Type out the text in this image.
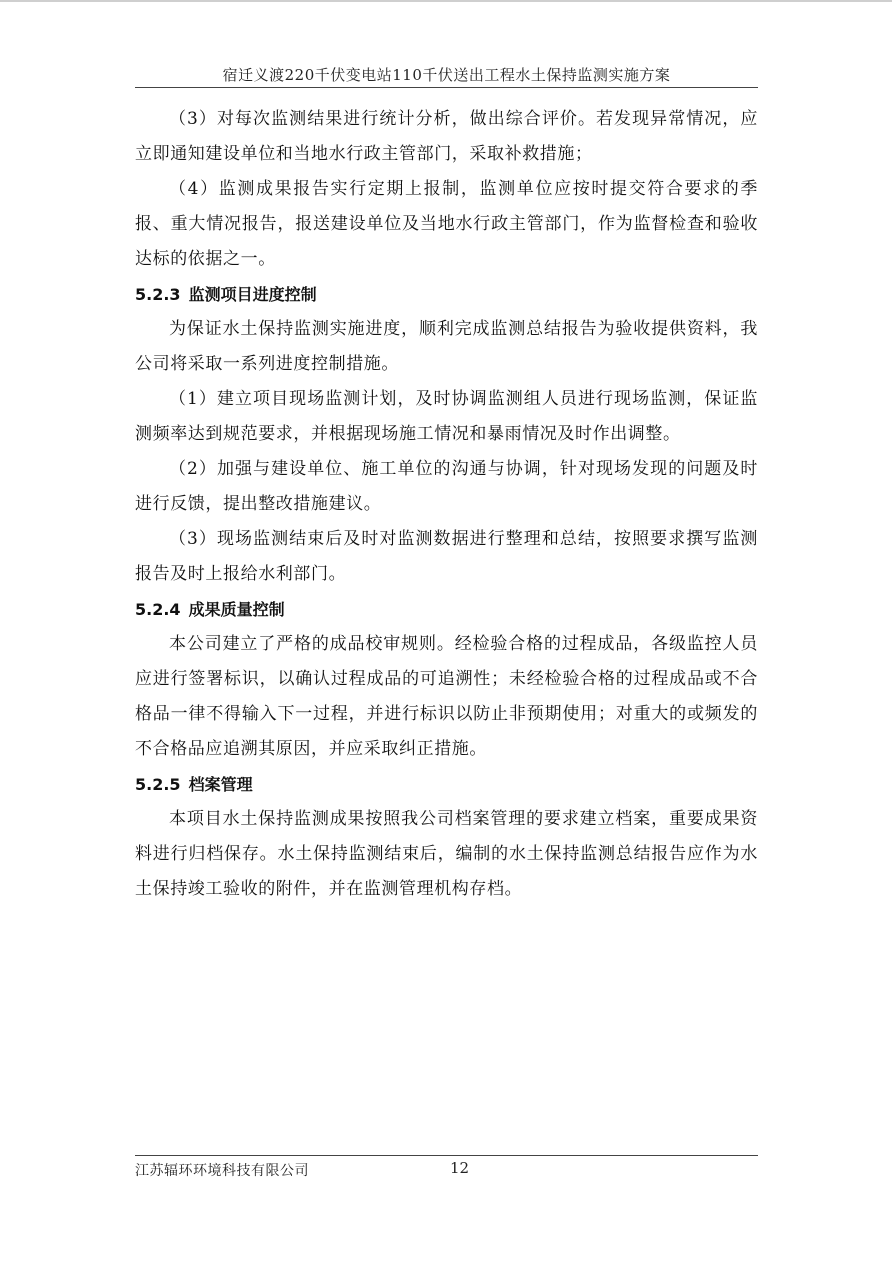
宿迁义渡220千伏变电站110千伏送出工程水土保持监测实施方案

（3）对每次监测结果进行统计分析，做出综合评价。若发现异常情况，应立即通知建设单位和当地水行政主管部门，采取补救措施；

（4）监测成果报告实行定期上报制，监测单位应按时提交符合要求的季报、重大情况报告，报送建设单位及当地水行政主管部门，作为监督检查和验收达标的依据之一。

5.2.3 监测项目进度控制

为保证水土保持监测实施进度，顺利完成监测总结报告为验收提供资料，我公司将采取一系列进度控制措施。

（1）建立项目现场监测计划，及时协调监测组人员进行现场监测，保证监测频率达到规范要求，并根据现场施工情况和暴雨情况及时作出调整。

（2）加强与建设单位、施工单位的沟通与协调，针对现场发现的问题及时进行反馈，提出整改措施建议。

（3）现场监测结束后及时对监测数据进行整理和总结，按照要求撰写监测报告及时上报给水利部门。

5.2.4 成果质量控制

本公司建立了严格的成品校审规则。经检验合格的过程成品，各级监控人员应进行签署标识，以确认过程成品的可追溯性；未经检验合格的过程成品或不合格品一律不得输入下一过程，并进行标识以防止非预期使用；对重大的或频发的不合格品应追溯其原因，并应采取纠正措施。

5.2.5 档案管理

本项目水土保持监测成果按照我公司档案管理的要求建立档案，重要成果资料进行归档保存。水土保持监测结束后，编制的水土保持监测总结报告应作为水土保持竣工验收的附件，并在监测管理机构存档。

江苏辐环环境科技有限公司	12
